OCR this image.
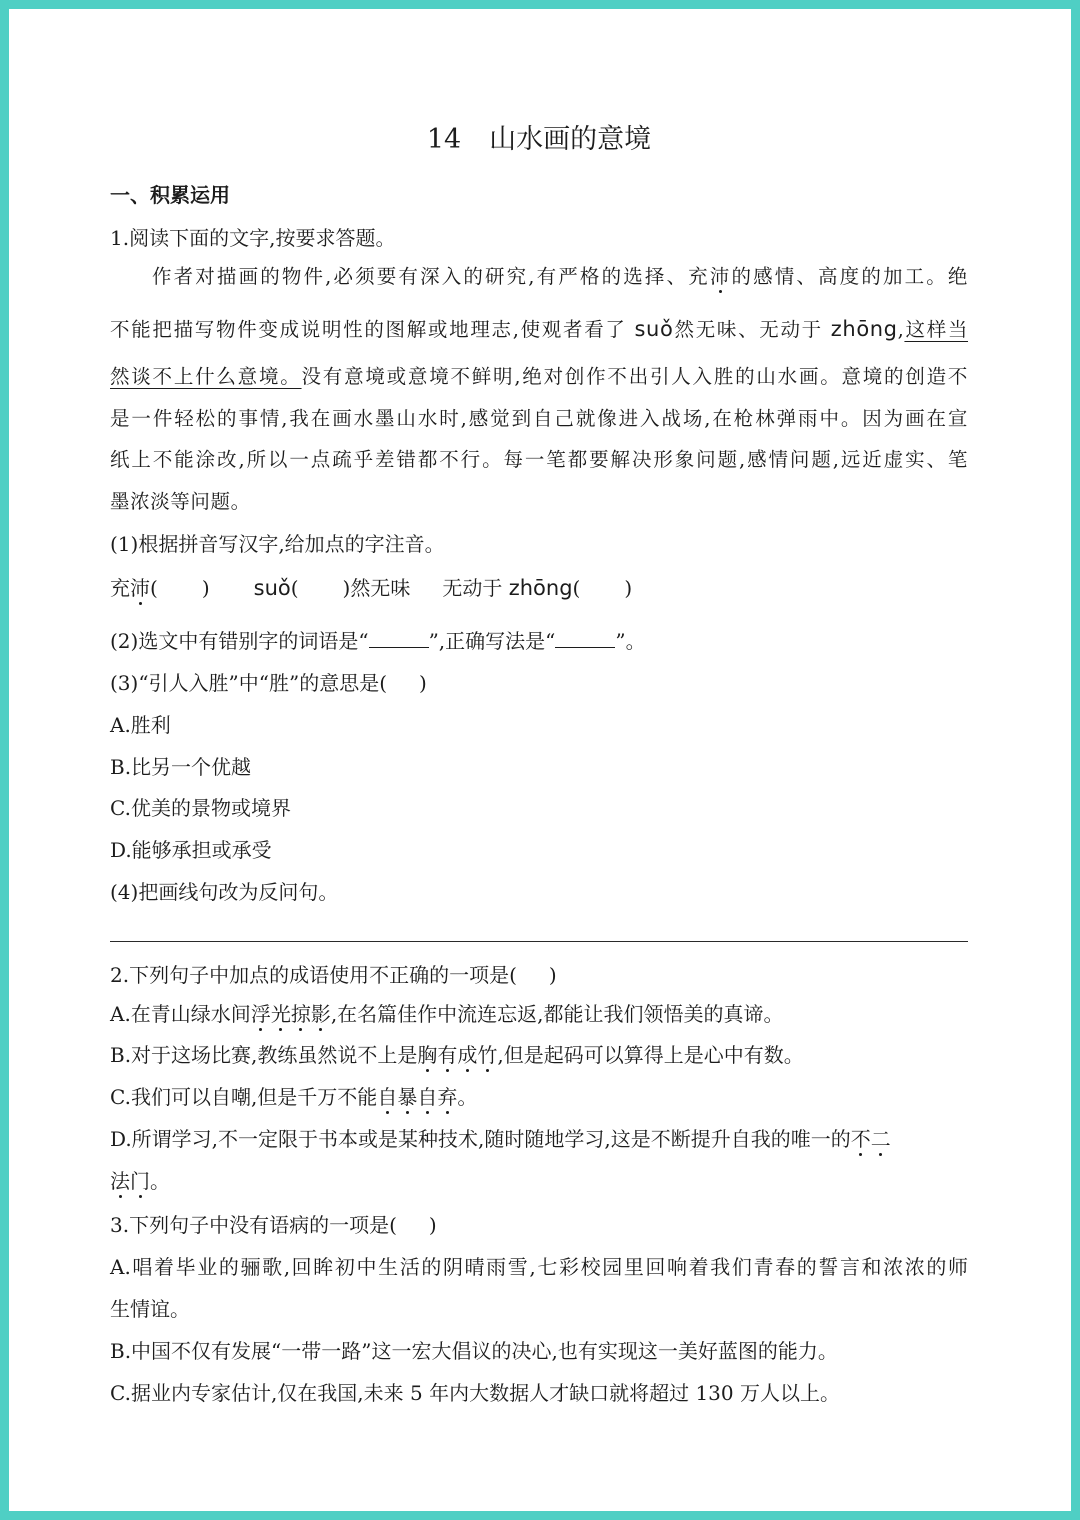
14 山水画的意境
一、积累运用
1.阅读下面的文字,按要求答题。
作者对描画的物件,必须要有深入的研究,有严格的选择、充沛的感情、高度的加工。绝
不能把描写物件变成说明性的图解或地理志,使观者看了 suǒ然无味、无动于 zhōng,这样当
然谈不上什么意境。没有意境或意境不鲜明,绝对创作不出引人入胜的山水画。意境的创造不
是一件轻松的事情,我在画水墨山水时,感觉到自己就像进入战场,在枪林弹雨中。因为画在宣
纸上不能涂改,所以一点疏乎差错都不行。每一笔都要解决形象问题,感情问题,远近虚实、笔
墨浓淡等问题。
(1)根据拼音写汉字,给加点的字注音。
充沛( ) suǒ( )然无味 无动于 zhōng( )
(2)选文中有错别字的词语是“	”,正确写法是“	”。
(3)“引人入胜”中“胜”的意思是( )
A.胜利
B.比另一个优越
C.优美的景物或境界
D.能够承担或承受
(4)把画线句改为反问句。
2.下列句子中加点的成语使用不正确的一项是( )
A.在青山绿水间浮光掠影,在名篇佳作中流连忘返,都能让我们领悟美的真谛。
B.对于这场比赛,教练虽然说不上是胸有成竹,但是起码可以算得上是心中有数。
C.我们可以自嘲,但是千万不能自暴自弃。
D.所谓学习,不一定限于书本或是某种技术,随时随地学习,这是不断提升自我的唯一的不二
法门。
3.下列句子中没有语病的一项是( )
A.唱着毕业的骊歌,回眸初中生活的阴晴雨雪,七彩校园里回响着我们青春的誓言和浓浓的师
生情谊。
B.中国不仅有发展“一带一路”这一宏大倡议的决心,也有实现这一美好蓝图的能力。
C.据业内专家估计,仅在我国,未来 5 年内大数据人才缺口就将超过 130 万人以上。
